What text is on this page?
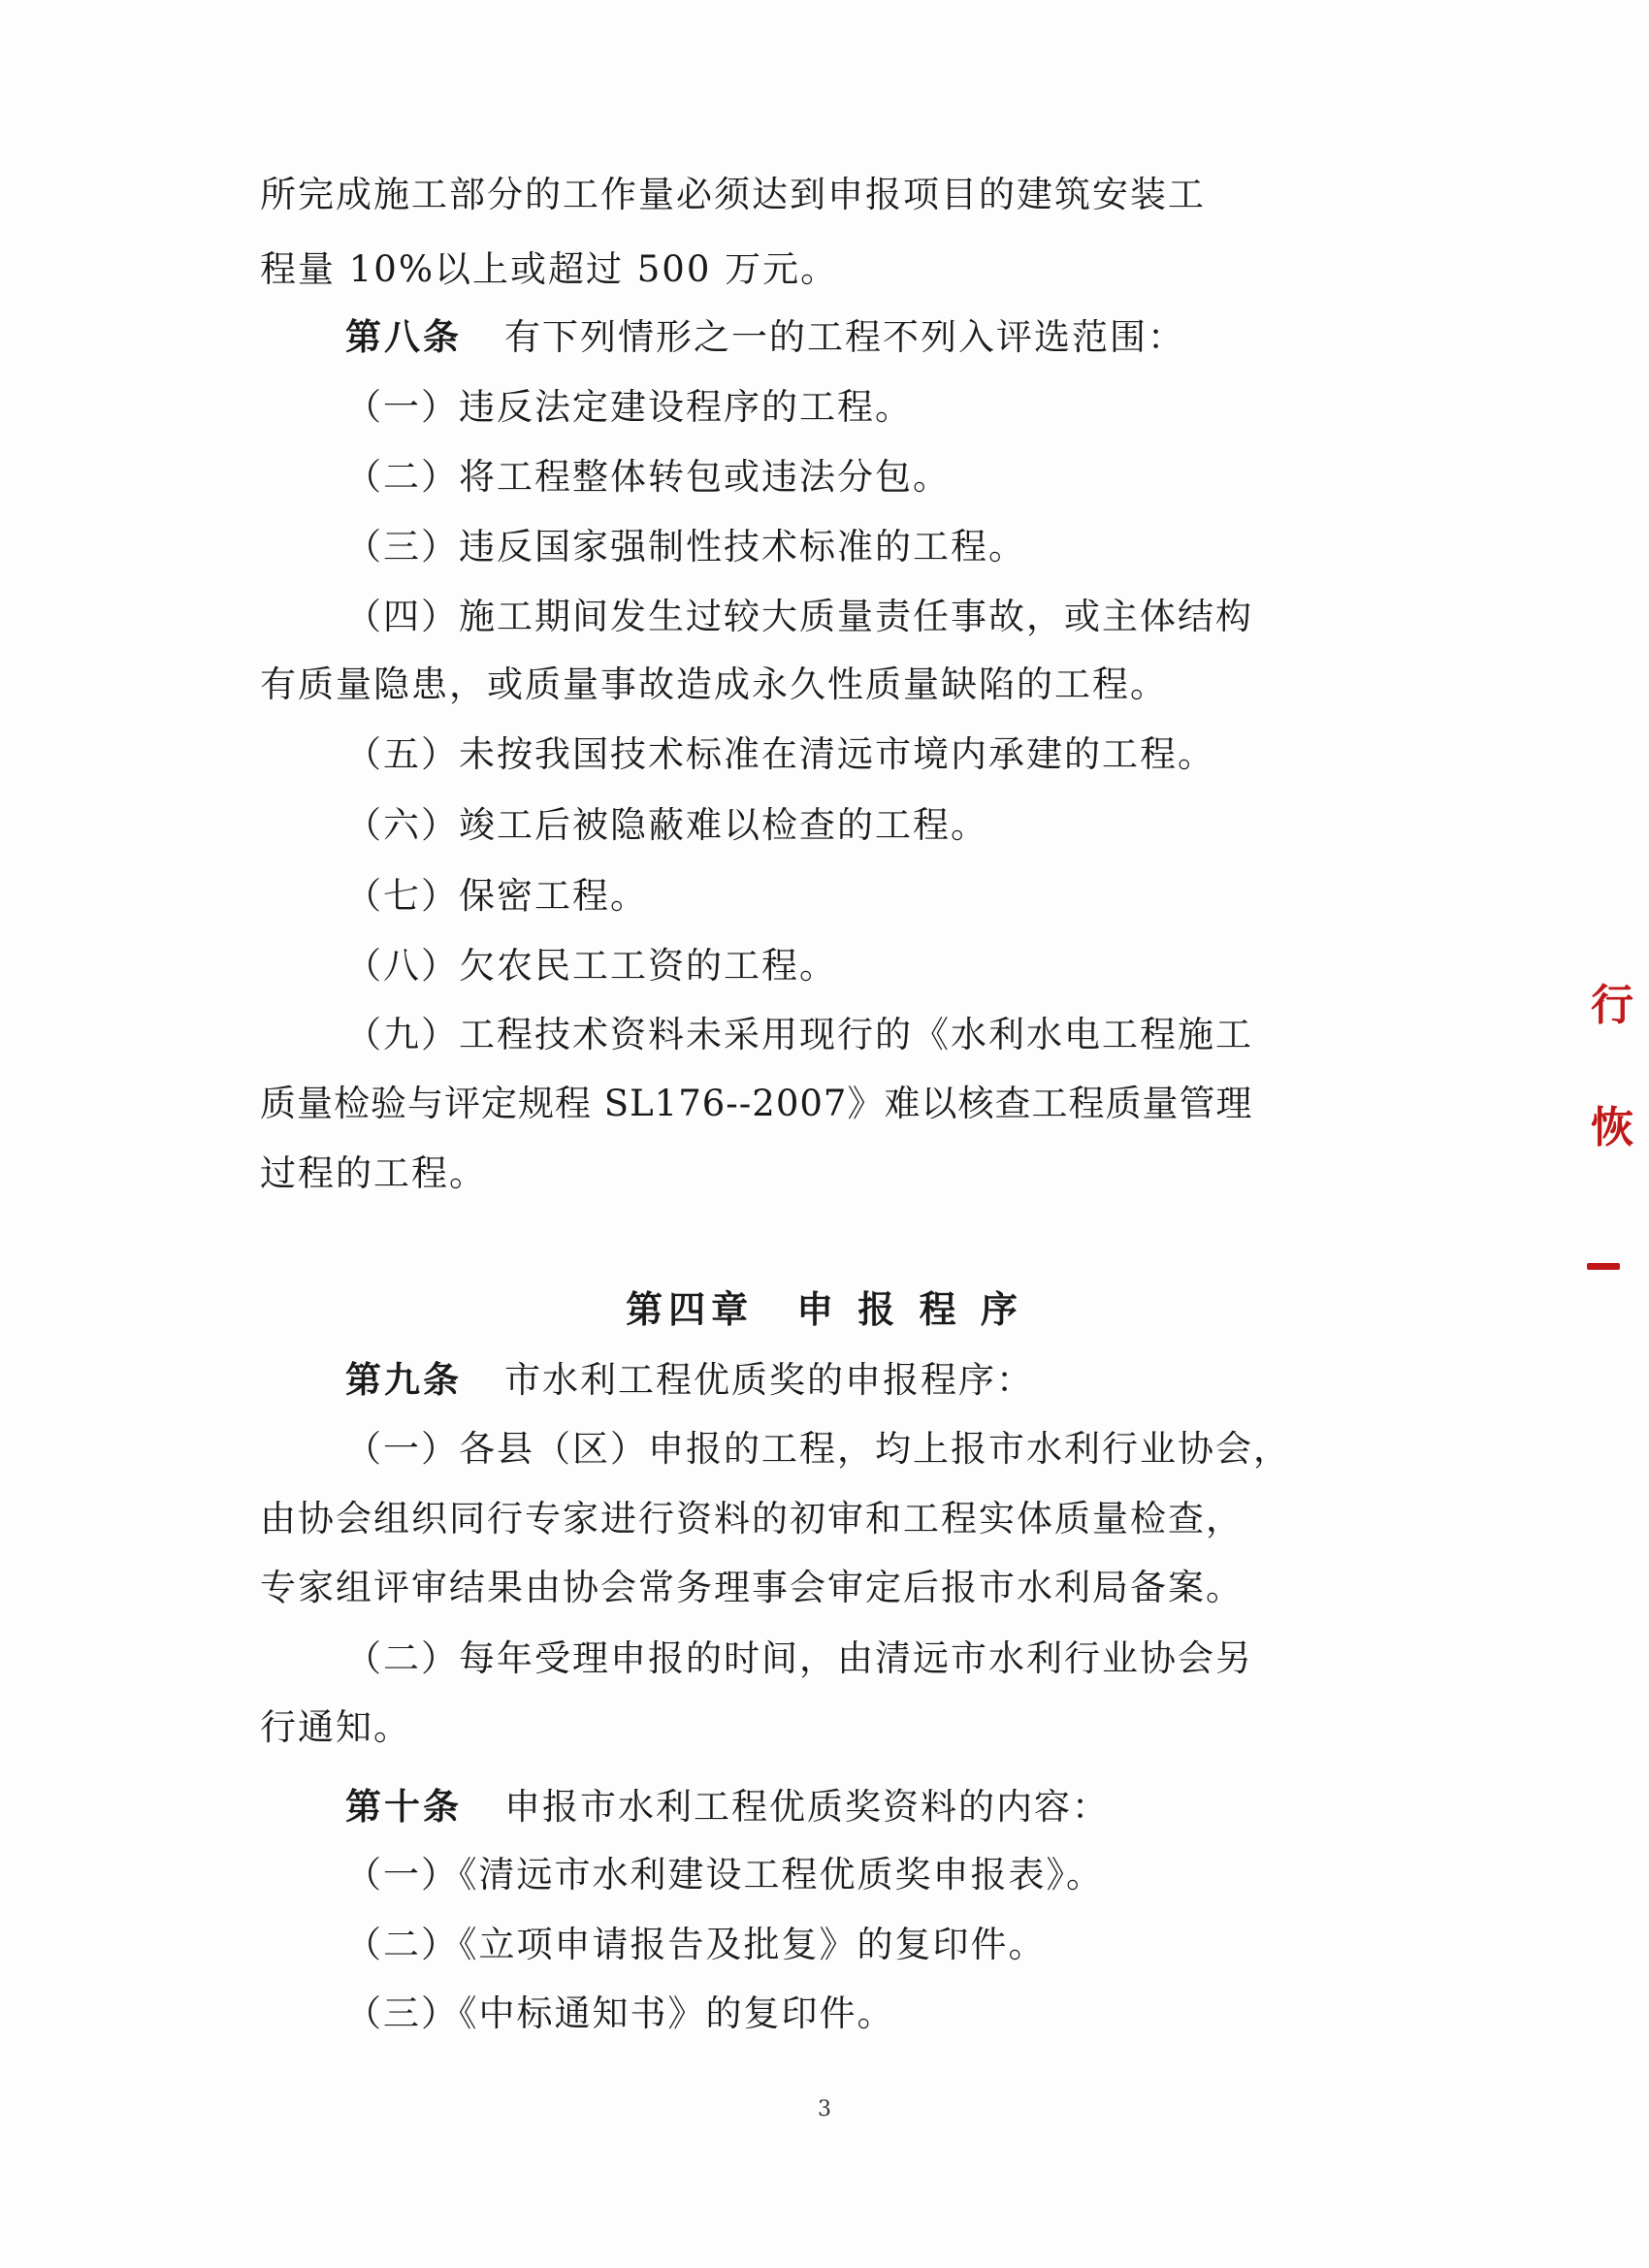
所完成施工部分的工作量必须达到申报项目的建筑安装工
程量 10%以上或超过 500 万元。
第八条 有下列情形之一的工程不列入评选范围：
（一）违反法定建设程序的工程。
（二）将工程整体转包或违法分包。
（三）违反国家强制性技术标准的工程。
（四）施工期间发生过较大质量责任事故，或主体结构
有质量隐患，或质量事故造成永久性质量缺陷的工程。
（五）未按我国技术标准在清远市境内承建的工程。
（六）竣工后被隐蔽难以检查的工程。
（七）保密工程。
（八）欠农民工工资的工程。
（九）工程技术资料未采用现行的《水利水电工程施工
质量检验与评定规程 SL176--2007》难以核查工程质量管理
过程的工程。
第四章　申 报 程 序
第九条 市水利工程优质奖的申报程序：
（一）各县（区）申报的工程，均上报市水利行业协会，
由协会组织同行专家进行资料的初审和工程实体质量检查，
专家组评审结果由协会常务理事会审定后报市水利局备案。
（二）每年受理申报的时间，由清远市水利行业协会另
行通知。
第十条 申报市水利工程优质奖资料的内容：
（一）《清远市水利建设工程优质奖申报表》。
（二）《立项申请报告及批复》的复印件。
（三）《中标通知书》的复印件。
3
行
恢
